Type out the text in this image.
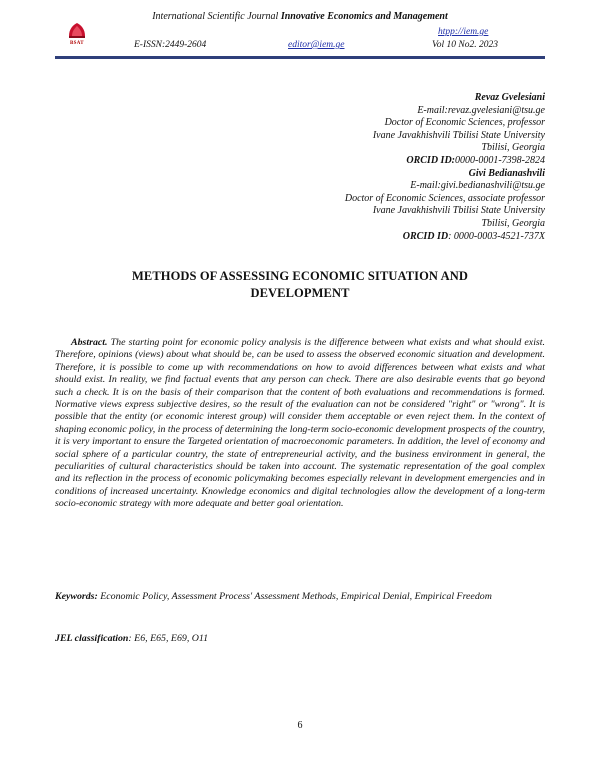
BSAT
International Scientific Journal Innovative Economics and Management
htpp://iem.ge
E-ISSN:2449-2604	editor@iem.ge	Vol 10 No2. 2023
Revaz Gvelesiani
E-mail:revaz.gvelesiani@tsu.ge
Doctor of Economic Sciences, professor
Ivane Javakhishvili Tbilisi State University
Tbilisi, Georgia
ORCID ID:0000-0001-7398-2824
Givi Bedianashvili
E-mail:givi.bedianashvili@tsu.ge
Doctor of Economic Sciences, associate professor
Ivane Javakhishvili Tbilisi State University
Tbilisi, Georgia
ORCID ID: 0000-0003-4521-737X
METHODS OF ASSESSING ECONOMIC SITUATION AND
DEVELOPMENT

Abstract. The starting point for economic policy analysis is the difference between what exists and what should exist. Therefore, opinions (views) about what should be, can be used to assess the observed economic situation and development. Therefore, it is possible to come up with recommendations on how to avoid differences between what exists and what should exist. In reality, we find factual events that any person can check. There are also desirable events that go beyond such a check. It is on the basis of their comparison that the content of both evaluations and recommendations is formed. Normative views express subjective desires, so the result of the evaluation can not be considered "right" or "wrong". It is possible that the entity (or economic interest group) will consider them acceptable or even reject them. In the context of shaping economic policy, in the process of determining the long-term socio-economic development prospects of the country, it is very important to ensure the Targeted orientation of macroeconomic parameters. In addition, the level of economy and social sphere of a particular country, the state of entrepreneurial activity, and the business environment in general, the peculiarities of cultural characteristics should be taken into account. The systematic representation of the goal complex and its reflection in the process of economic policymaking becomes especially relevant in development emergencies and in conditions of increased uncertainty. Knowledge economics and digital technologies allow the development of a long-term socio-economic strategy with more adequate and better goal orientation.

Keywords: Economic Policy, Assessment Process' Assessment Methods, Empirical Denial, Empirical Freedom

JEL classification: E6, E65, E69, O11

6
